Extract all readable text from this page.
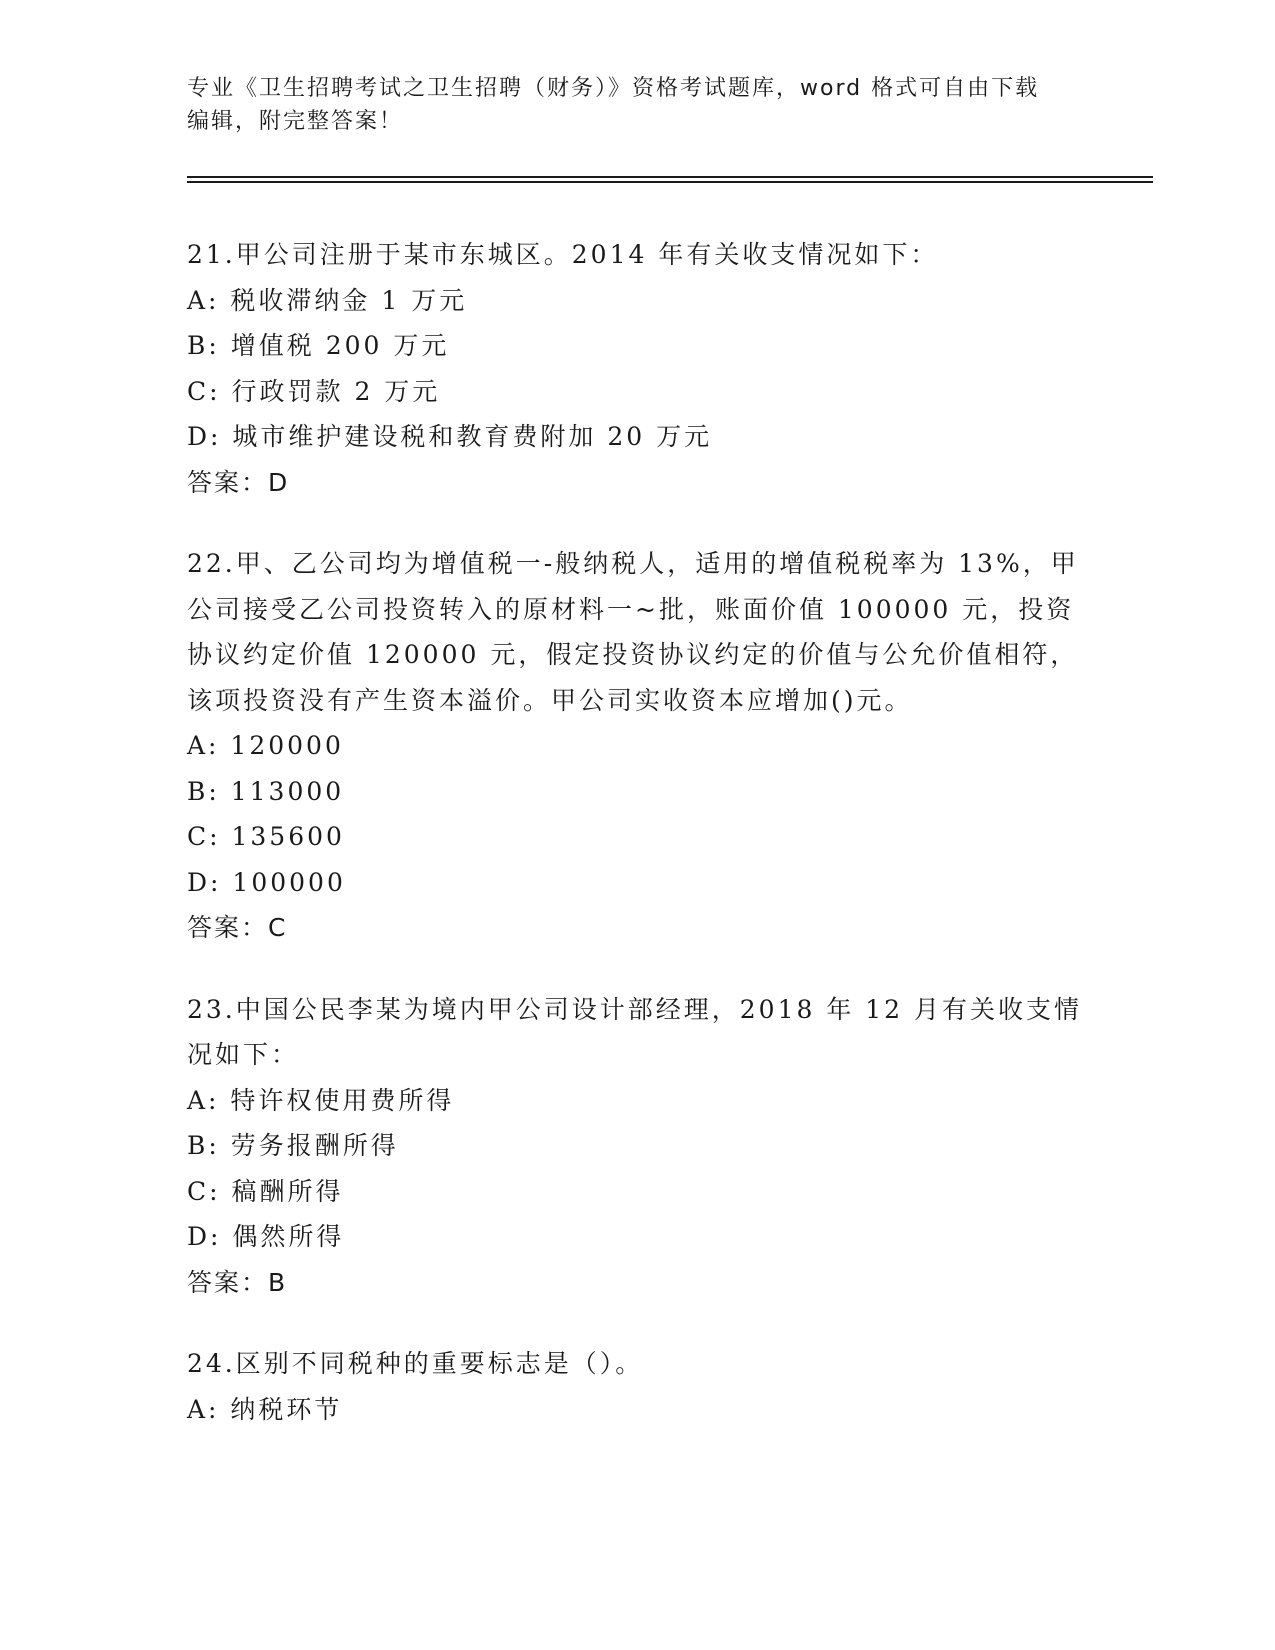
专业《卫生招聘考试之卫生招聘（财务）》资格考试题库，word 格式可自由下载
编辑，附完整答案！
21.甲公司注册于某市东城区。2014 年有关收支情况如下：
A: 税收滞纳金 1 万元
B: 增值税 200 万元
C: 行政罚款 2 万元
D: 城市维护建设税和教育费附加 20 万元
答案：D
22.甲、乙公司均为增值税一-般纳税人，适用的增值税税率为 13%，甲
公司接受乙公司投资转入的原材料一~批，账面价值 100000 元，投资
协议约定价值 120000 元，假定投资协议约定的价值与公允价值相符，
该项投资没有产生资本溢价。甲公司实收资本应增加()元。
A: 120000
B: 113000
C: 135600
D: 100000
答案：C
23.中国公民李某为境内甲公司设计部经理，2018 年 12 月有关收支情
况如下：
A: 特许权使用费所得
B: 劳务报酬所得
C: 稿酬所得
D: 偶然所得
答案：B
24.区别不同税种的重要标志是（）。
A: 纳税环节
